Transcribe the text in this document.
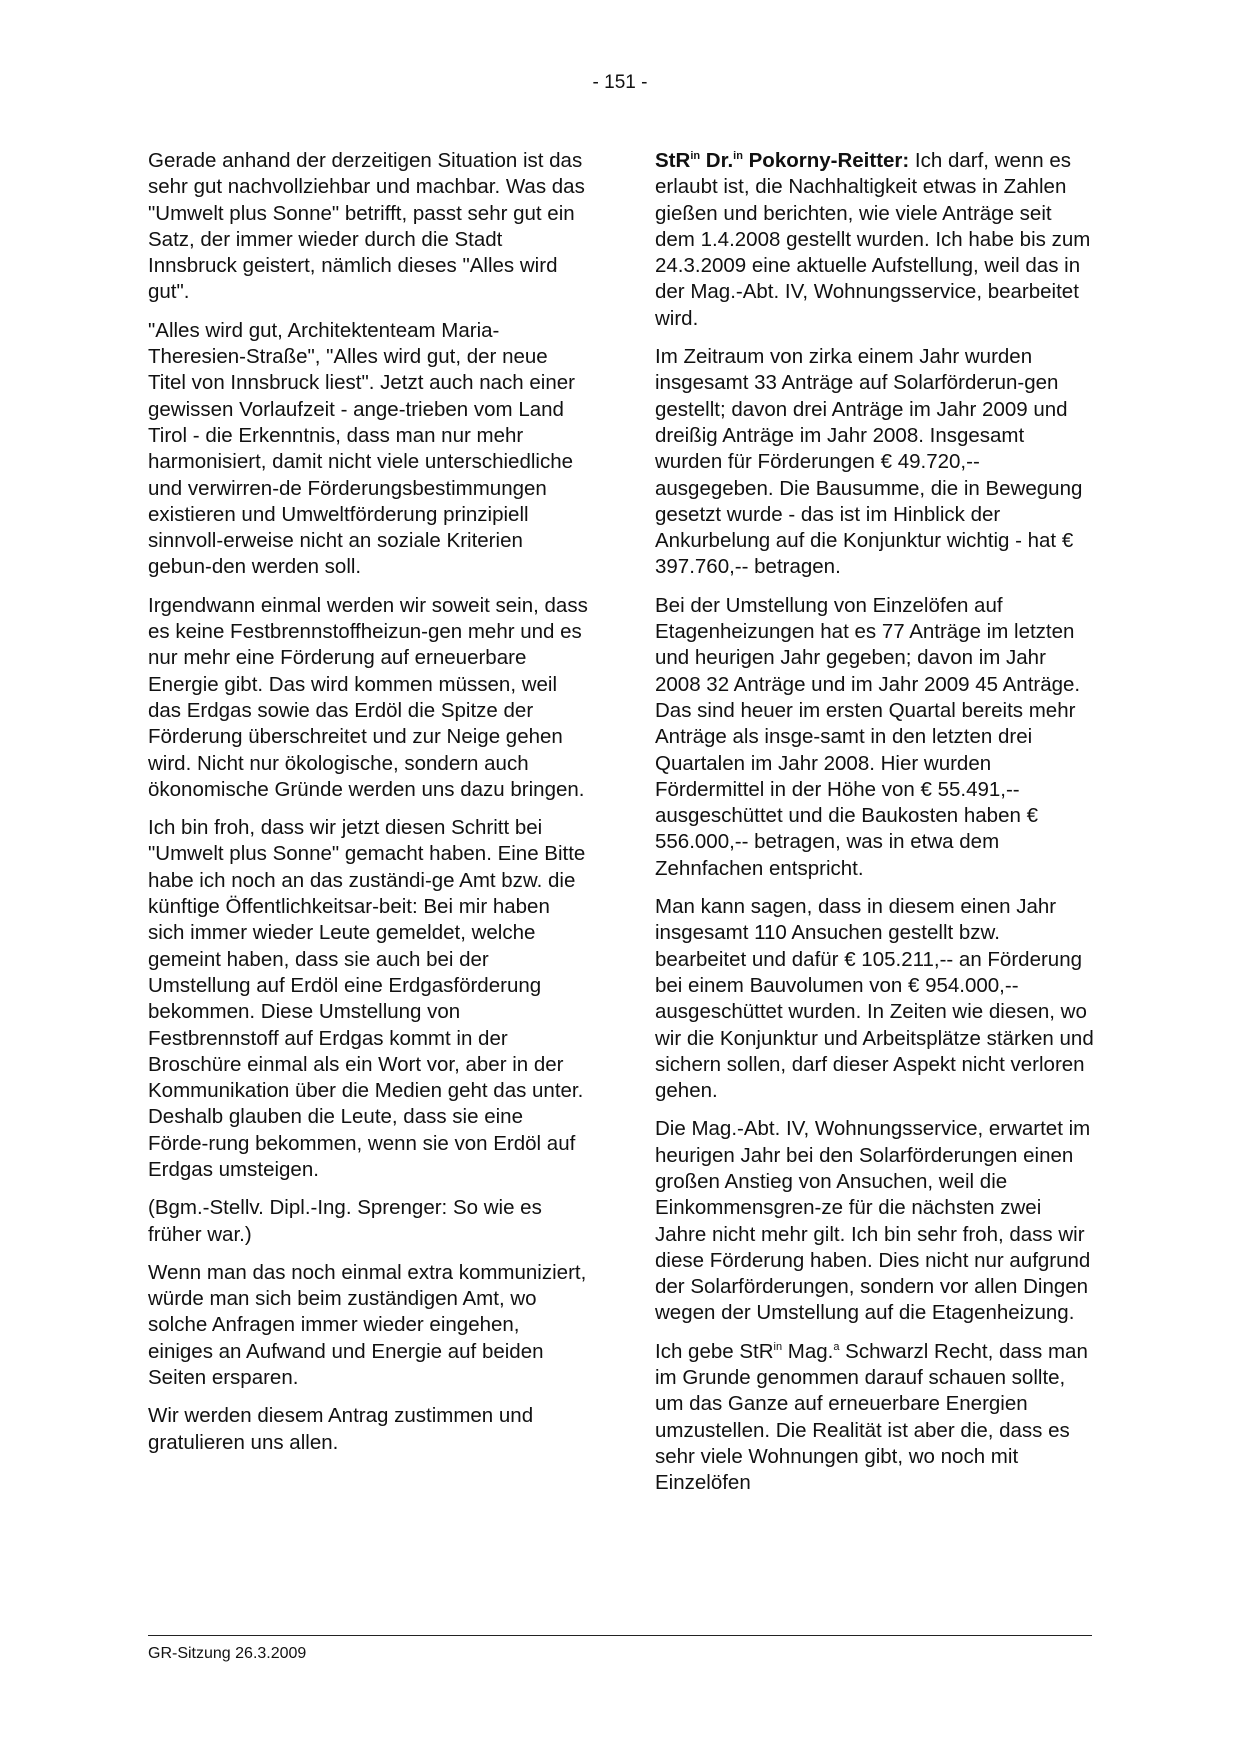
- 151 -

Gerade anhand der derzeitigen Situation ist das sehr gut nachvollziehbar und machbar. Was das "Umwelt plus Sonne" betrifft, passt sehr gut ein Satz, der immer wieder durch die Stadt Innsbruck geistert, nämlich dieses "Alles wird gut".

"Alles wird gut, Architektenteam Maria-Theresien-Straße", "Alles wird gut, der neue Titel von Innsbruck liest". Jetzt auch nach einer gewissen Vorlaufzeit - ange-trieben vom Land Tirol - die Erkenntnis, dass man nur mehr harmonisiert, damit nicht viele unterschiedliche und verwirren-de Förderungsbestimmungen existieren und Umweltförderung prinzipiell sinnvoll-erweise nicht an soziale Kriterien gebun-den werden soll.

Irgendwann einmal werden wir soweit sein, dass es keine Festbrennstoffheizun-gen mehr und es nur mehr eine Förderung auf erneuerbare Energie gibt. Das wird kommen müssen, weil das Erdgas sowie das Erdöl die Spitze der Förderung überschreitet und zur Neige gehen wird. Nicht nur ökologische, sondern auch ökonomische Gründe werden uns dazu bringen.

Ich bin froh, dass wir jetzt diesen Schritt bei "Umwelt plus Sonne" gemacht haben. Eine Bitte habe ich noch an das zuständi-ge Amt bzw. die künftige Öffentlichkeitsar-beit: Bei mir haben sich immer wieder Leute gemeldet, welche gemeint haben, dass sie auch bei der Umstellung auf Erdöl eine Erdgasförderung bekommen. Diese Umstellung von Festbrennstoff auf Erdgas kommt in der Broschüre einmal als ein Wort vor, aber in der Kommunikation über die Medien geht das unter. Deshalb glauben die Leute, dass sie eine Förde-rung bekommen, wenn sie von Erdöl auf Erdgas umsteigen.

(Bgm.-Stellv. Dipl.-Ing. Sprenger: So wie es früher war.)

Wenn man das noch einmal extra kommuniziert, würde man sich beim zuständigen Amt, wo solche Anfragen immer wieder eingehen, einiges an Aufwand und Energie auf beiden Seiten ersparen.

Wir werden diesem Antrag zustimmen und gratulieren uns allen.

StR$^{in}$ Dr.$^{in}$ Pokorny-Reitter: Ich darf, wenn es erlaubt ist, die Nachhaltigkeit etwas in Zahlen gießen und berichten, wie viele Anträge seit dem 1.4.2008 gestellt wurden. Ich habe bis zum 24.3.2009 eine aktuelle Aufstellung, weil das in der Mag.-Abt. IV, Wohnungsservice, bearbeitet wird.

Im Zeitraum von zirka einem Jahr wurden insgesamt 33 Anträge auf Solarförderun-gen gestellt; davon drei Anträge im Jahr 2009 und dreißig Anträge im Jahr 2008. Insgesamt wurden für Förderungen € 49.720,-- ausgegeben. Die Bausumme, die in Bewegung gesetzt wurde - das ist im Hinblick der Ankurbelung auf die Konjunktur wichtig - hat € 397.760,-- betragen.

Bei der Umstellung von Einzelöfen auf Etagenheizungen hat es 77 Anträge im letzten und heurigen Jahr gegeben; davon im Jahr 2008 32 Anträge und im Jahr 2009 45 Anträge. Das sind heuer im ersten Quartal bereits mehr Anträge als insge-samt in den letzten drei Quartalen im Jahr 2008. Hier wurden Fördermittel in der Höhe von € 55.491,-- ausgeschüttet und die Baukosten haben € 556.000,-- betragen, was in etwa dem Zehnfachen entspricht.

Man kann sagen, dass in diesem einen Jahr insgesamt 110 Ansuchen gestellt bzw. bearbeitet und dafür € 105.211,-- an Förderung bei einem Bauvolumen von € 954.000,-- ausgeschüttet wurden. In Zeiten wie diesen, wo wir die Konjunktur und Arbeitsplätze stärken und sichern sollen, darf dieser Aspekt nicht verloren gehen.

Die Mag.-Abt. IV, Wohnungsservice, erwartet im heurigen Jahr bei den Solarförderungen einen großen Anstieg von Ansuchen, weil die Einkommensgren-ze für die nächsten zwei Jahre nicht mehr gilt. Ich bin sehr froh, dass wir diese Förderung haben. Dies nicht nur aufgrund der Solarförderungen, sondern vor allen Dingen wegen der Umstellung auf die Etagenheizung.

Ich gebe StR$^{in}$ Mag.$^a$ Schwarzl Recht, dass man im Grunde genommen darauf schauen sollte, um das Ganze auf erneuerbare Energien umzustellen. Die Realität ist aber die, dass es sehr viele Wohnungen gibt, wo noch mit Einzelöfen

GR-Sitzung 26.3.2009
